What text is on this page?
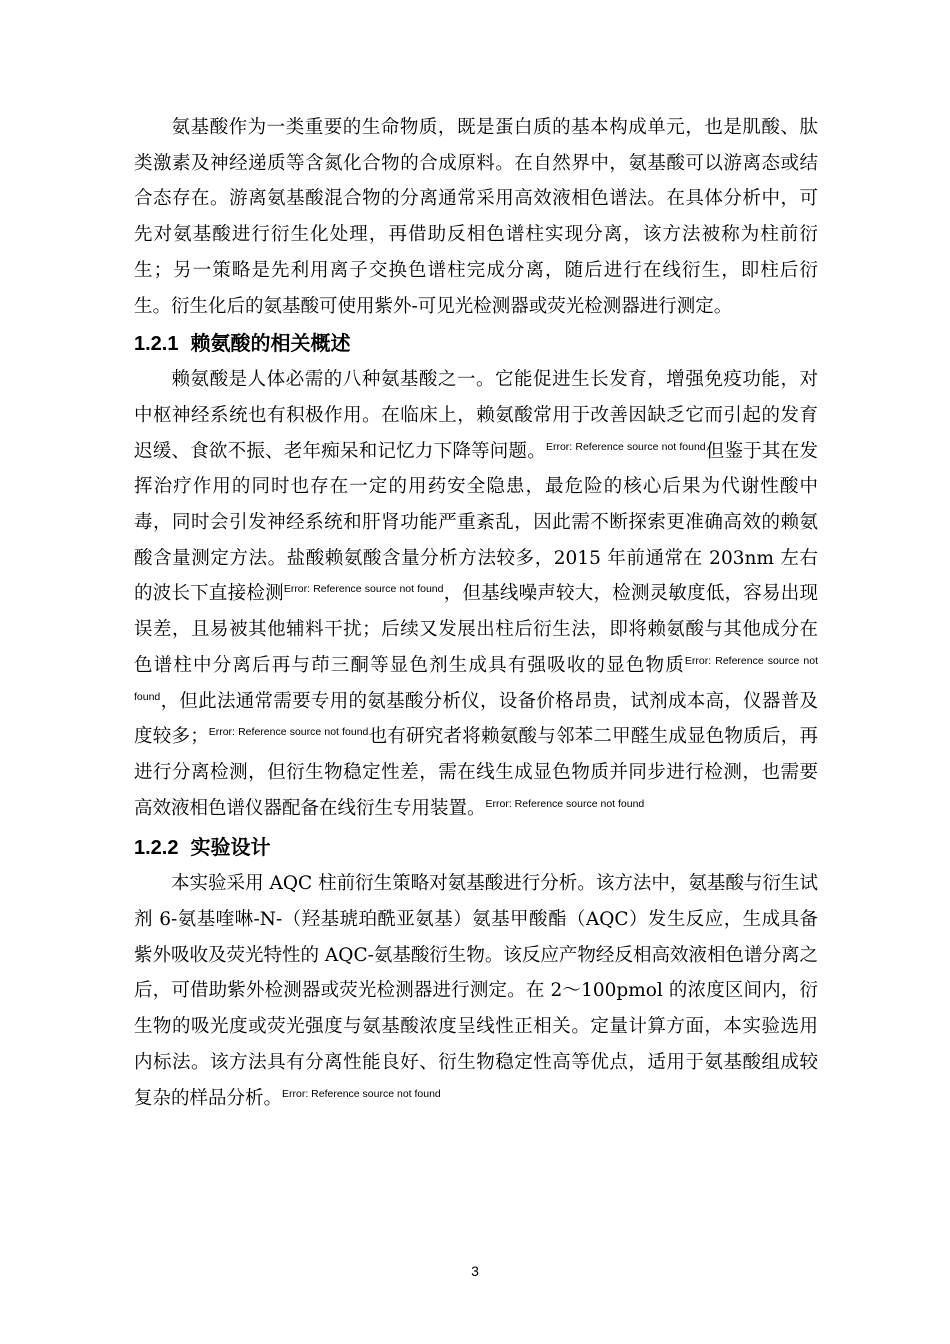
氨基酸作为一类重要的生命物质，既是蛋白质的基本构成单元，也是肌酸、肽类激素及神经递质等含氮化合物的合成原料。在自然界中，氨基酸可以游离态或结合态存在。游离氨基酸混合物的分离通常采用高效液相色谱法。在具体分析中，可先对氨基酸进行衍生化处理，再借助反相色谱柱实现分离，该方法被称为柱前衍生；另一策略是先利用离子交换色谱柱完成分离，随后进行在线衍生，即柱后衍生。衍生化后的氨基酸可使用紫外-可见光检测器或荧光检测器进行测定。

1.2.1 赖氨酸的相关概述

赖氨酸是人体必需的八种氨基酸之一。它能促进生长发育，增强免疫功能，对中枢神经系统也有积极作用。在临床上，赖氨酸常用于改善因缺乏它而引起的发育迟缓、食欲不振、老年痴呆和记忆力下降等问题。$^{Error: Reference source not found}$但鉴于其在发挥治疗作用的同时也存在一定的用药安全隐患，最危险的核心后果为代谢性酸中毒，同时会引发神经系统和肝肾功能严重紊乱，因此需不断探索更准确高效的赖氨酸含量测定方法。盐酸赖氨酸含量分析方法较多，2015 年前通常在 203nm 左右的波长下直接检测$^{Error: Reference source not found}$，但基线噪声较大，检测灵敏度低，容易出现误差，且易被其他辅料干扰；后续又发展出柱后衍生法，即将赖氨酸与其他成分在色谱柱中分离后再与茚三酮等显色剂生成具有强吸收的显色物质$^{Error: Reference source not found}$，但此法通常需要专用的氨基酸分析仪，设备价格昂贵，试剂成本高，仪器普及度较多；$^{Error: Reference source not found}$也有研究者将赖氨酸与邻苯二甲醛生成显色物质后，再进行分离检测，但衍生物稳定性差，需在线生成显色物质并同步进行检测，也需要高效液相色谱仪器配备在线衍生专用装置。$^{Error: Reference source not found}$

1.2.2 实验设计

本实验采用 AQC 柱前衍生策略对氨基酸进行分析。该方法中，氨基酸与衍生试剂 6-氨基喹啉-N-（羟基琥珀酰亚氨基）氨基甲酸酯（AQC）发生反应，生成具备紫外吸收及荧光特性的 AQC-氨基酸衍生物。该反应产物经反相高效液相色谱分离之后，可借助紫外检测器或荧光检测器进行测定。在 2～100pmol 的浓度区间内，衍生物的吸光度或荧光强度与氨基酸浓度呈线性正相关。定量计算方面，本实验选用内标法。该方法具有分离性能良好、衍生物稳定性高等优点，适用于氨基酸组成较复杂的样品分析。$^{Error: Reference source not found}$

3
